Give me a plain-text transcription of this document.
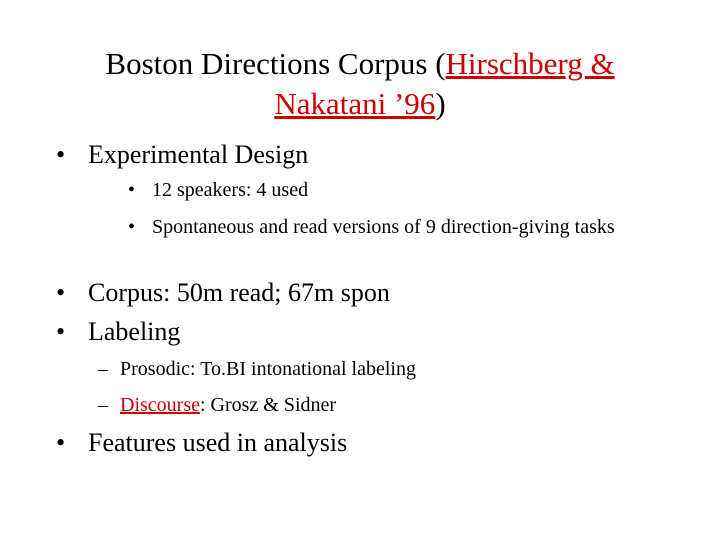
Boston Directions Corpus (Hirschberg & Nakatani ’96)
• Experimental Design
• 12 speakers: 4 used
• Spontaneous and read versions of 9 direction-giving tasks
• Corpus: 50m read; 67m spon
• Labeling
– Prosodic: To.BI intonational labeling
– Discourse: Grosz & Sidner
• Features used in analysis
